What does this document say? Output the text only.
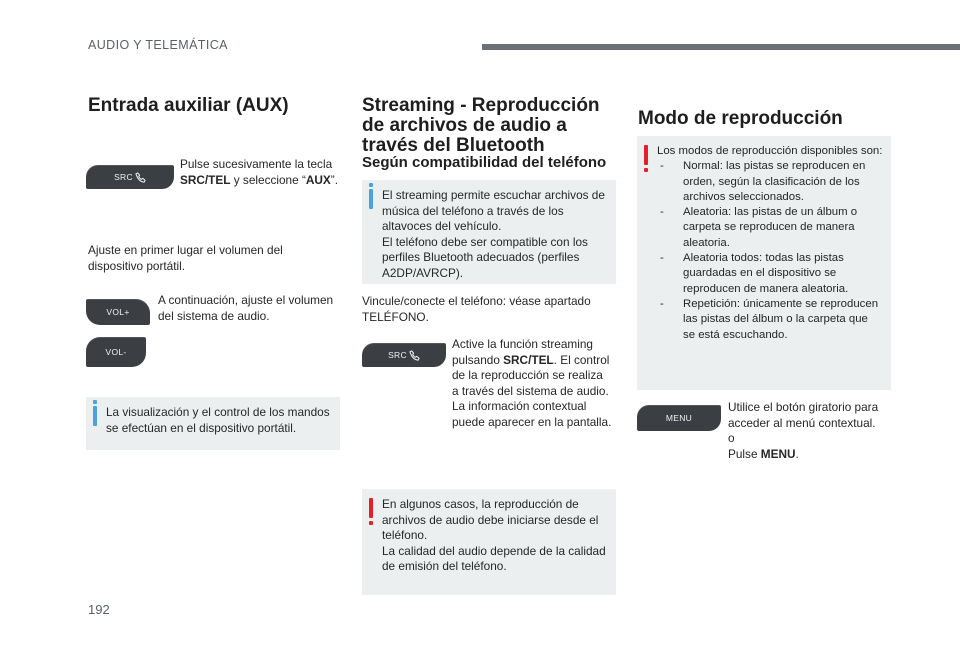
AUDIO Y TELEMÁTICA
Entrada auxiliar (AUX)
SRC
Pulse sucesivamente la tecla SRC/TEL y seleccione “AUX”.
Ajuste en primer lugar el volumen del dispositivo portátil.
VOL+
VOL-
A continuación, ajuste el volumen del sistema de audio.
La visualización y el control de los mandos se efectúan en el dispositivo portátil.
Streaming - Reproducción
de archivos de audio a
través del Bluetooth
Según compatibilidad del teléfono
El streaming permite escuchar archivos de música del teléfono a través de los altavoces del vehículo.
El teléfono debe ser compatible con los perfiles Bluetooth adecuados (perfiles A2DP/AVRCP).
Vincule/conecte el teléfono: véase apartado TELÉFONO.
SRC
Active la función streaming pulsando SRC/TEL. El control de la reproducción se realiza a través del sistema de audio. La información contextual puede aparecer en la pantalla.
En algunos casos, la reproducción de archivos de audio debe iniciarse desde el teléfono.
La calidad del audio depende de la calidad de emisión del teléfono.
Modo de reproducción
Los modos de reproducción disponibles son:
- Normal: las pistas se reproducen en orden, según la clasificación de los archivos seleccionados.
- Aleatoria: las pistas de un álbum o carpeta se reproducen de manera aleatoria.
- Aleatoria todos: todas las pistas guardadas en el dispositivo se reproducen de manera aleatoria.
- Repetición: únicamente se reproducen las pistas del álbum o la carpeta que se está escuchando.
MENU
Utilice el botón giratorio para acceder al menú contextual.
o
Pulse MENU.
192
